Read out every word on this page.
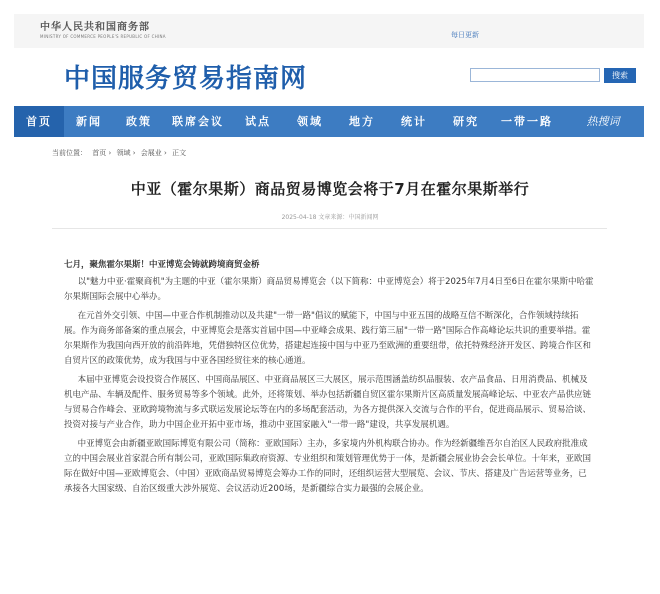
中华人民共和国商务部
MINISTRY OF COMMERCE PEOPLE'S REPUBLIC OF CHINA	每日更新
中国服务贸易指南网	搜索
首页	新闻	政策	联席会议	试点	领域	地方	统计	研究	一带一路	热搜词
当前位置： 首页 › 领域 › 会展业 › 正文
中亚（霍尔果斯）商品贸易博览会将于7月在霍尔果斯举行
2025-04-18 文章来源：中国新闻网

七月，聚焦霍尔果斯！中亚博览会铸就跨境商贸金桥

以"魅力中亚·霍聚商机"为主题的中亚（霍尔果斯）商品贸易博览会（以下简称：中亚博览会）将于2025年7月4日至6日在霍尔果斯中哈霍尔果斯国际会展中心举办。

在元首外交引领、中国—中亚合作机制推动以及共建"一带一路"倡议的赋能下，中国与中亚五国的战略互信不断深化，合作领域持续拓展。作为商务部备案的重点展会，中亚博览会是落实首届中国—中亚峰会成果、践行第三届"一带一路"国际合作高峰论坛共识的重要举措。霍尔果斯作为我国向西开放的前沿阵地，凭借独特区位优势，搭建起连接中国与中亚乃至欧洲的重要纽带，依托特殊经济开发区、跨境合作区和自贸片区的政策优势，成为我国与中亚各国经贸往来的核心通道。

本届中亚博览会设投资合作展区、中国商品展区、中亚商品展区三大展区，展示范围涵盖纺织品服装、农产品食品、日用消费品、机械及机电产品、车辆及配件、服务贸易等多个领域。此外，还将策划、举办包括新疆自贸区霍尔果斯片区高质量发展高峰论坛、中亚农产品供应链与贸易合作峰会、亚欧跨境物流与多式联运发展论坛等在内的多场配套活动，为各方提供深入交流与合作的平台，促进商品展示、贸易洽谈、投资对接与产业合作，助力中国企业开拓中亚市场，推动中亚国家融入"一带一路"建设，共享发展机遇。

中亚博览会由新疆亚欧国际博览有限公司（简称：亚欧国际）主办，多家境内外机构联合协办。作为经新疆维吾尔自治区人民政府批准成立的中国会展业首家混合所有制公司，亚欧国际集政府资源、专业组织和策划管理优势于一体，是新疆会展业协会会长单位。十年来，亚欧国际在做好中国—亚欧博览会、（中国）亚欧商品贸易博览会筹办工作的同时，还组织运营大型展览、会议、节庆、搭建及广告运营等业务，已承接各大国家级、自治区级重大涉外展览、会议活动近200场，是新疆综合实力最强的会展企业。
